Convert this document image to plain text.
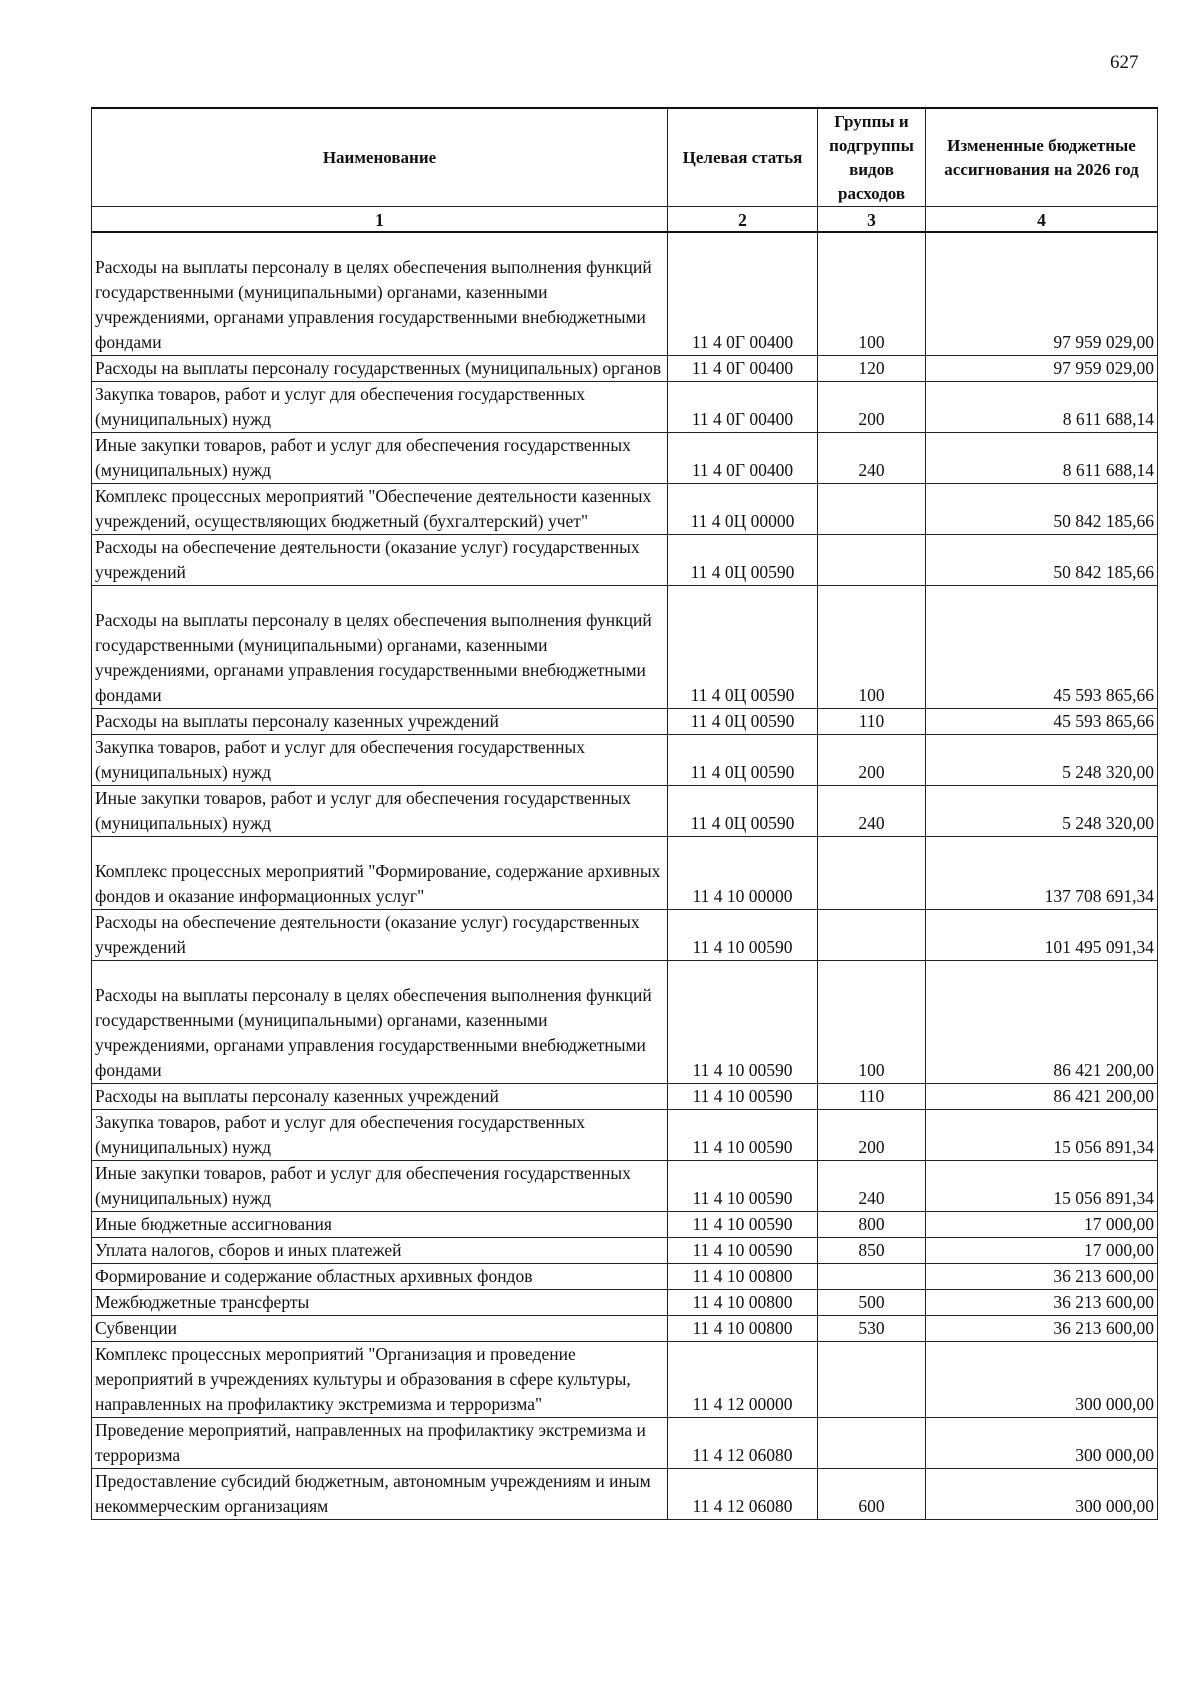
627
Наименование	Целевая статья	Группы и подгруппы видов расходов	Измененные бюджетные ассигнования на 2026 год
1	2	3	4
Расходы на выплаты персоналу в целях обеспечения выполнения функций государственными (муниципальными) органами, казенными учреждениями, органами управления государственными внебюджетными фондами	11 4 0Г 00400	100	97 959 029,00
Расходы на выплаты персоналу государственных (муниципальных) органов	11 4 0Г 00400	120	97 959 029,00
Закупка товаров, работ и услуг для обеспечения государственных (муниципальных) нужд	11 4 0Г 00400	200	8 611 688,14
Иные закупки товаров, работ и услуг для обеспечения государственных (муниципальных) нужд	11 4 0Г 00400	240	8 611 688,14
Комплекс процессных мероприятий "Обеспечение деятельности казенных учреждений, осуществляющих бюджетный (бухгалтерский) учет"	11 4 0Ц 00000		50 842 185,66
Расходы на обеспечение деятельности (оказание услуг) государственных учреждений	11 4 0Ц 00590		50 842 185,66
Расходы на выплаты персоналу в целях обеспечения выполнения функций государственными (муниципальными) органами, казенными учреждениями, органами управления государственными внебюджетными фондами	11 4 0Ц 00590	100	45 593 865,66
Расходы на выплаты персоналу казенных учреждений	11 4 0Ц 00590	110	45 593 865,66
Закупка товаров, работ и услуг для обеспечения государственных (муниципальных) нужд	11 4 0Ц 00590	200	5 248 320,00
Иные закупки товаров, работ и услуг для обеспечения государственных (муниципальных) нужд	11 4 0Ц 00590	240	5 248 320,00
Комплекс процессных мероприятий "Формирование, содержание архивных фондов и оказание информационных услуг"	11 4 10 00000		137 708 691,34
Расходы на обеспечение деятельности (оказание услуг) государственных учреждений	11 4 10 00590		101 495 091,34
Расходы на выплаты персоналу в целях обеспечения выполнения функций государственными (муниципальными) органами, казенными учреждениями, органами управления государственными внебюджетными фондами	11 4 10 00590	100	86 421 200,00
Расходы на выплаты персоналу казенных учреждений	11 4 10 00590	110	86 421 200,00
Закупка товаров, работ и услуг для обеспечения государственных (муниципальных) нужд	11 4 10 00590	200	15 056 891,34
Иные закупки товаров, работ и услуг для обеспечения государственных (муниципальных) нужд	11 4 10 00590	240	15 056 891,34
Иные бюджетные ассигнования	11 4 10 00590	800	17 000,00
Уплата налогов, сборов и иных платежей	11 4 10 00590	850	17 000,00
Формирование и содержание областных архивных фондов	11 4 10 00800		36 213 600,00
Межбюджетные трансферты	11 4 10 00800	500	36 213 600,00
Субвенции	11 4 10 00800	530	36 213 600,00
Комплекс процессных мероприятий "Организация и проведение мероприятий в учреждениях культуры и образования в сфере культуры, направленных на профилактику экстремизма и терроризма"	11 4 12 00000		300 000,00
Проведение мероприятий, направленных на профилактику экстремизма и терроризма	11 4 12 06080		300 000,00
Предоставление субсидий бюджетным, автономным учреждениям и иным некоммерческим организациям	11 4 12 06080	600	300 000,00
